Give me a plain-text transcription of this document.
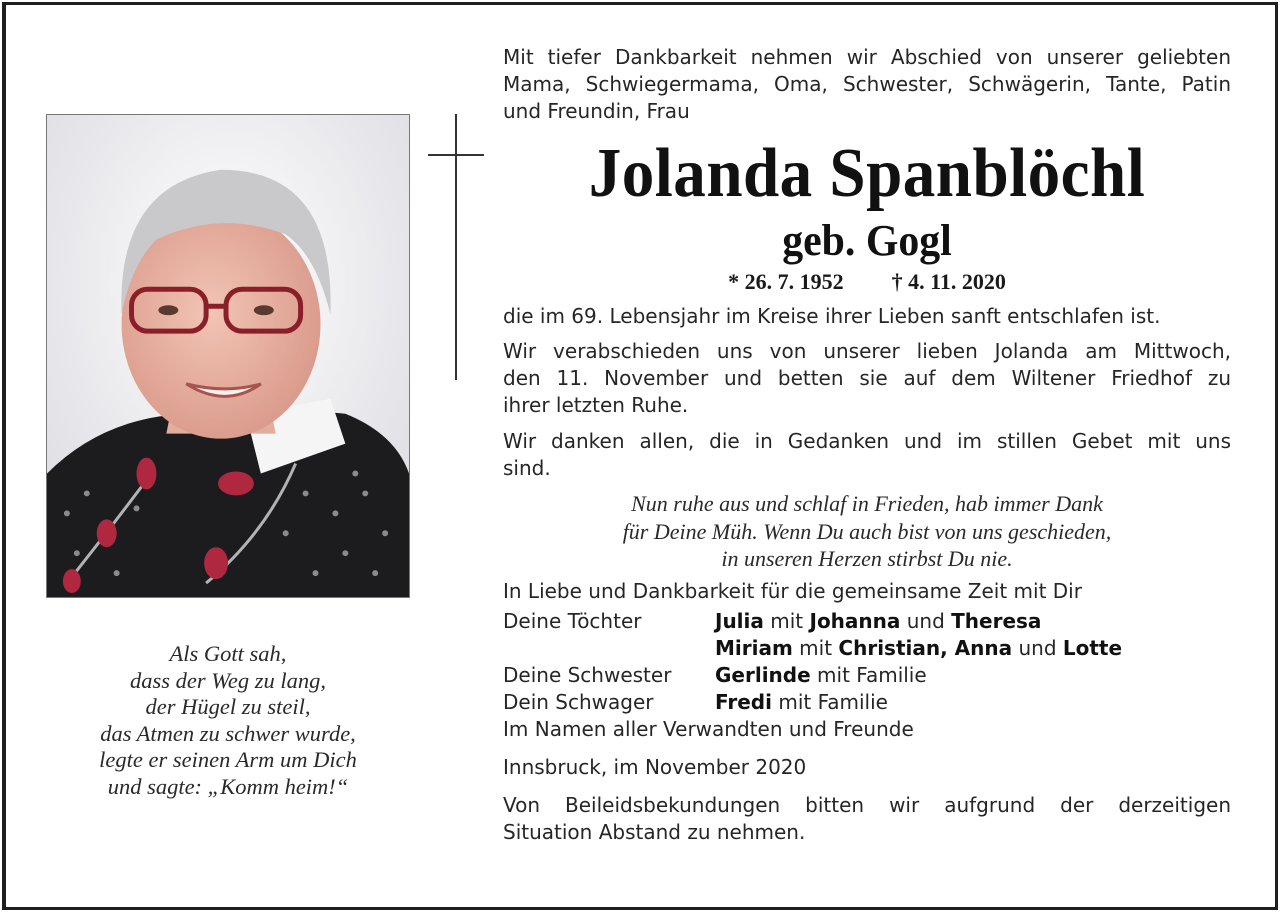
Als Gott sah,
dass der Weg zu lang,
der Hügel zu steil,
das Atmen zu schwer wurde,
legte er seinen Arm um Dich
und sagte: „Komm heim!“
Mit tiefer Dankbarkeit nehmen wir Abschied von unserer geliebten
Mama, Schwiegermama, Oma, Schwester, Schwägerin, Tante, Patin
und Freundin, Frau
Jolanda Spanblöchl
geb. Gogl
* 26. 7. 1952 † 4. 11. 2020
die im 69. Lebensjahr im Kreise ihrer Lieben sanft entschlafen ist.
Wir verabschieden uns von unserer lieben Jolanda am Mittwoch,
den 11. November und betten sie auf dem Wiltener Friedhof zu
ihrer letzten Ruhe.
Wir danken allen, die in Gedanken und im stillen Gebet mit uns
sind.
Nun ruhe aus und schlaf in Frieden, hab immer Dank
für Deine Müh. Wenn Du auch bist von uns geschieden,
in unseren Herzen stirbst Du nie.
In Liebe und Dankbarkeit für die gemeinsame Zeit mit Dir
Deine Töchter	Julia mit Johanna und Theresa
Miriam mit Christian, Anna und Lotte
Deine Schwester	Gerlinde mit Familie
Dein Schwager	Fredi mit Familie
Im Namen aller Verwandten und Freunde
Innsbruck, im November 2020
Von Beileidsbekundungen bitten wir aufgrund der derzeitigen
Situation Abstand zu nehmen.
